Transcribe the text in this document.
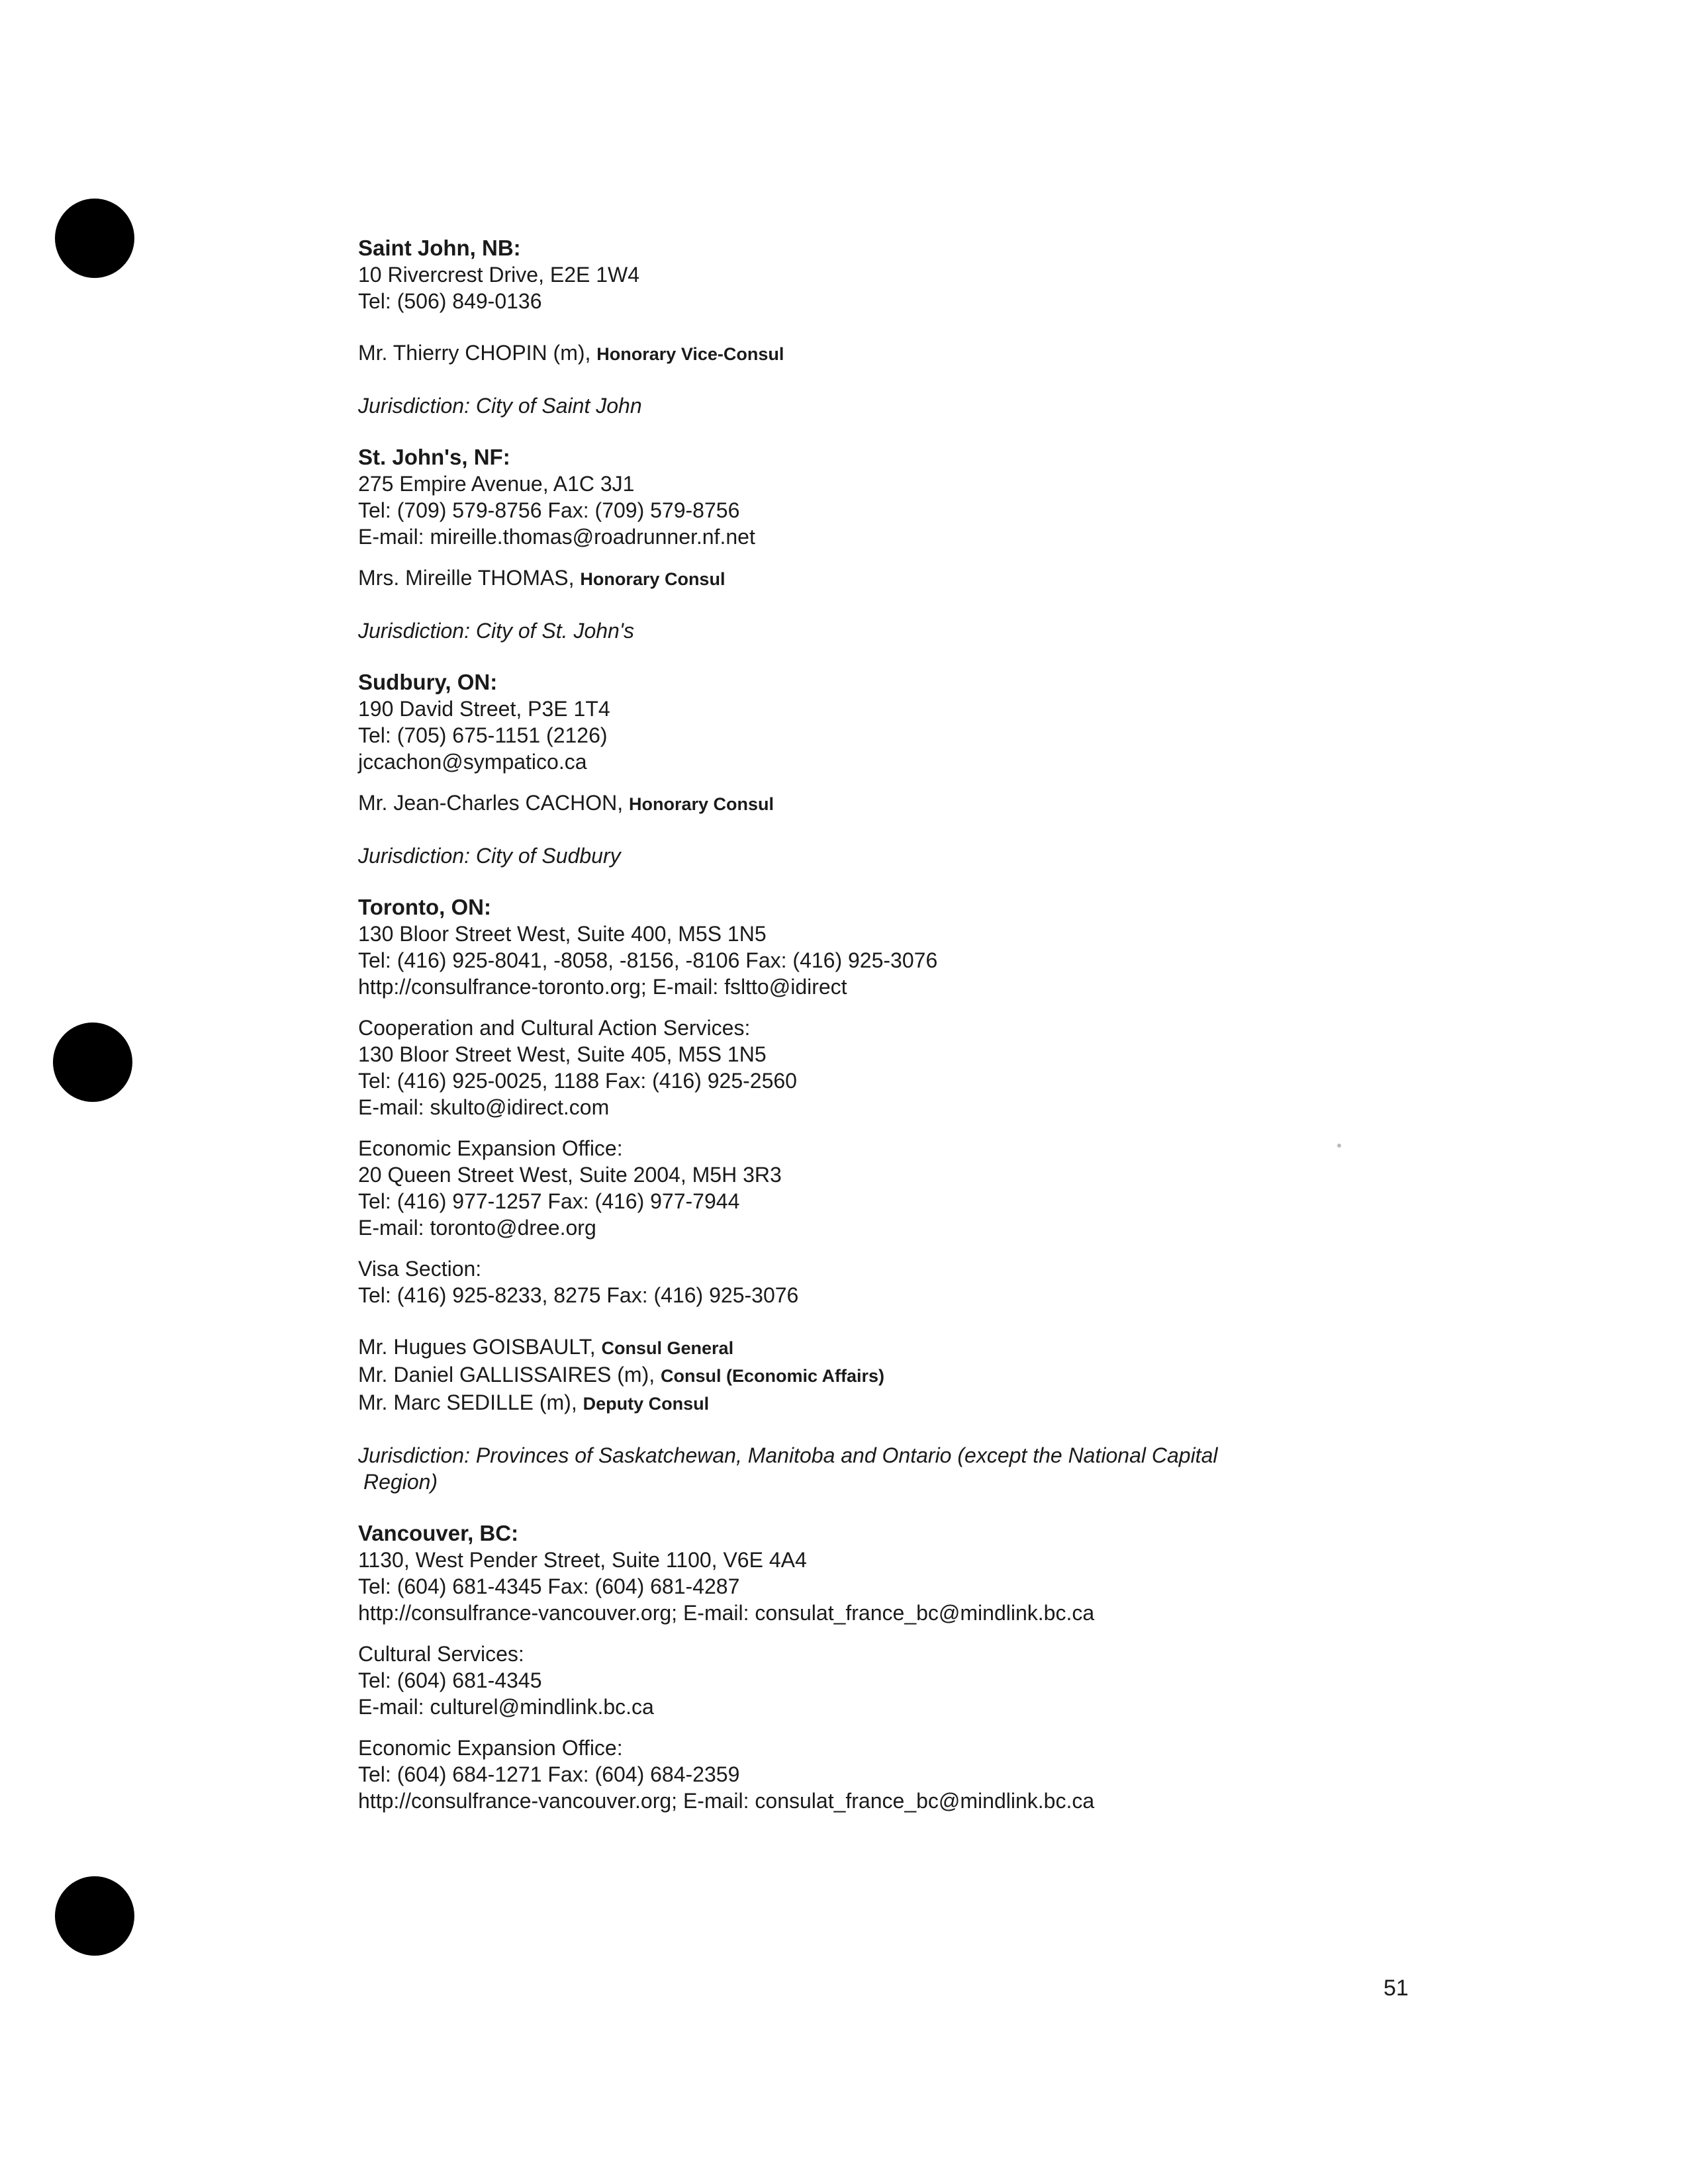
Saint John, NB:
10 Rivercrest Drive, E2E 1W4
Tel: (506) 849-0136
Mr. Thierry CHOPIN (m), Honorary Vice-Consul
Jurisdiction: City of Saint John
St. John's, NF:
275 Empire Avenue, A1C 3J1
Tel: (709) 579-8756 Fax: (709) 579-8756
E-mail: mireille.thomas@roadrunner.nf.net
Mrs. Mireille THOMAS, Honorary Consul
Jurisdiction: City of St. John's
Sudbury, ON:
190 David Street, P3E 1T4
Tel: (705) 675-1151 (2126)
jccachon@sympatico.ca
Mr. Jean-Charles CACHON, Honorary Consul
Jurisdiction: City of Sudbury
Toronto, ON:
130 Bloor Street West, Suite 400, M5S 1N5
Tel: (416) 925-8041, -8058, -8156, -8106 Fax: (416) 925-3076
http://consulfrance-toronto.org; E-mail: fsltto@idirect
Cooperation and Cultural Action Services:
130 Bloor Street West, Suite 405, M5S 1N5
Tel: (416) 925-0025, 1188 Fax: (416) 925-2560
E-mail: skulto@idirect.com
Economic Expansion Office:
20 Queen Street West, Suite 2004, M5H 3R3
Tel: (416) 977-1257 Fax: (416) 977-7944
E-mail: toronto@dree.org
Visa Section:
Tel: (416) 925-8233, 8275 Fax: (416) 925-3076
Mr. Hugues GOISBAULT, Consul General
Mr. Daniel GALLISSAIRES (m), Consul (Economic Affairs)
Mr. Marc SEDILLE (m), Deputy Consul
Jurisdiction: Provinces of Saskatchewan, Manitoba and Ontario (except the National Capital
Region)
Vancouver, BC:
1130, West Pender Street, Suite 1100, V6E 4A4
Tel: (604) 681-4345 Fax: (604) 681-4287
http://consulfrance-vancouver.org; E-mail: consulat_france_bc@mindlink.bc.ca
Cultural Services:
Tel: (604) 681-4345
E-mail: culturel@mindlink.bc.ca
Economic Expansion Office:
Tel: (604) 684-1271 Fax: (604) 684-2359
http://consulfrance-vancouver.org; E-mail: consulat_france_bc@mindlink.bc.ca
51
